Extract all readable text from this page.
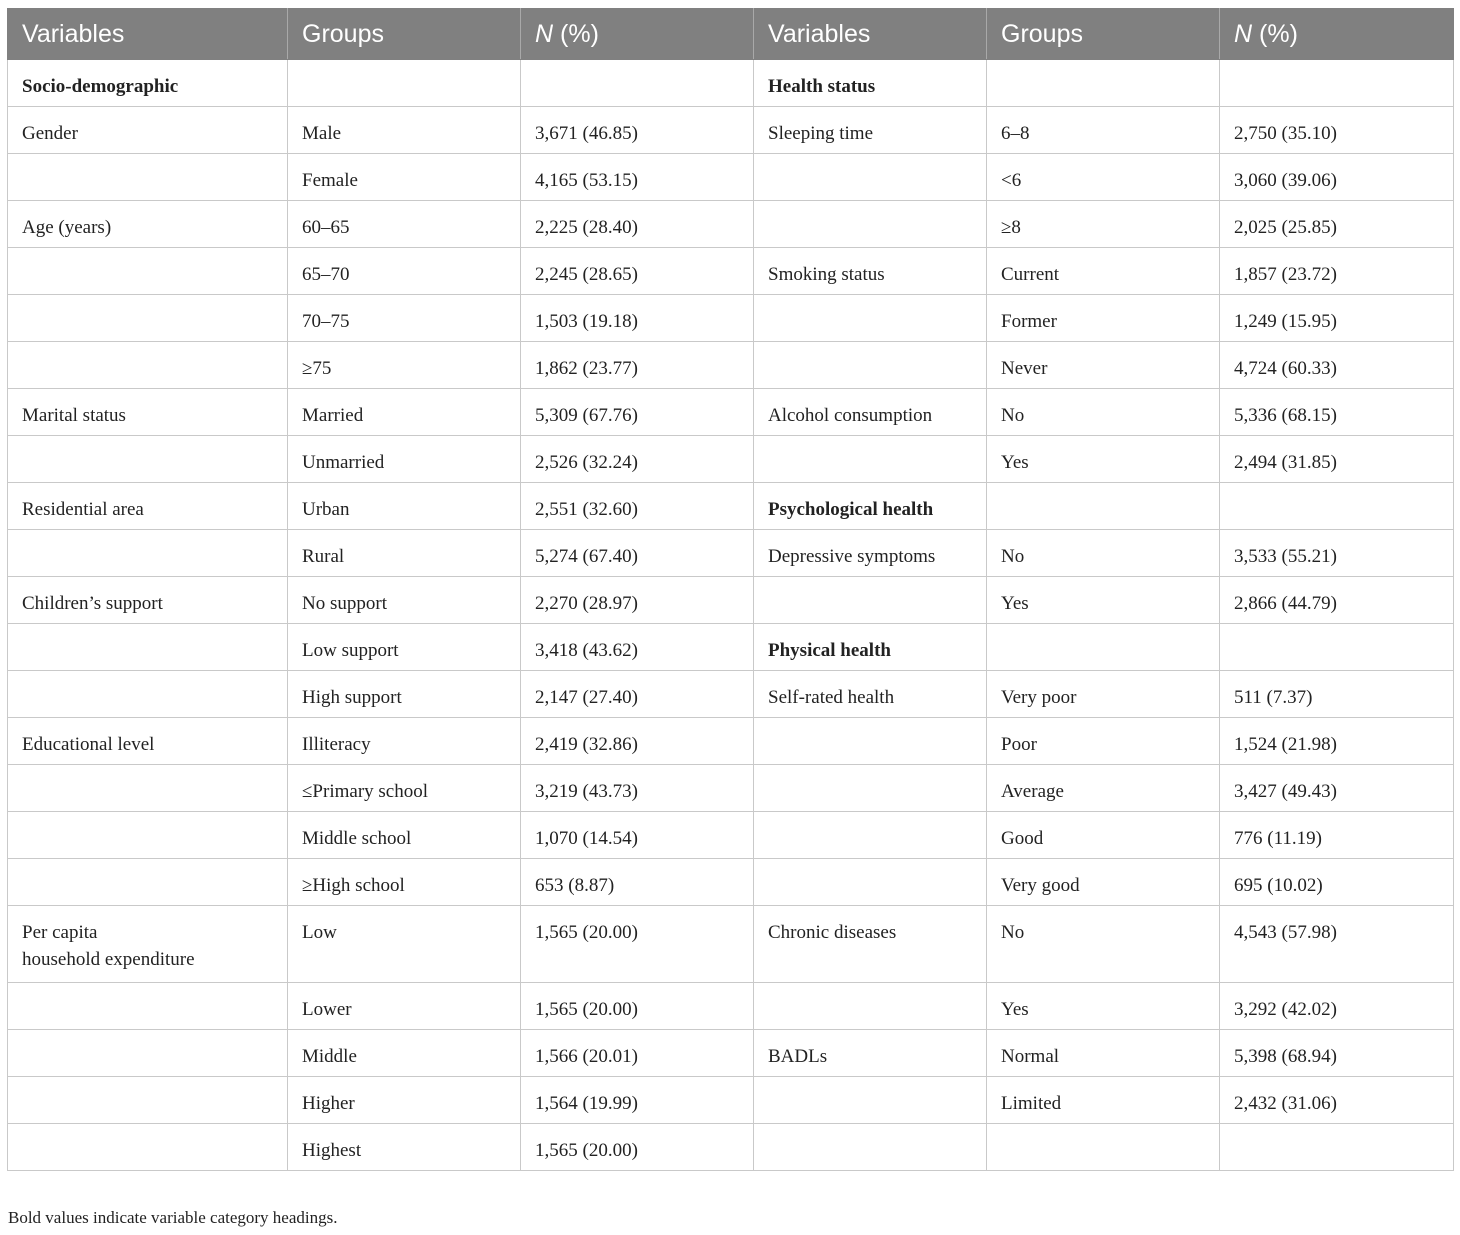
Variables	Groups	N (%)	Variables	Groups	N (%)
Socio-demographic			Health status		
Gender	Male	3,671 (46.85)	Sleeping time	6–8	2,750 (35.10)
	Female	4,165 (53.15)		<6	3,060 (39.06)
Age (years)	60–65	2,225 (28.40)		≥8	2,025 (25.85)
	65–70	2,245 (28.65)	Smoking status	Current	1,857 (23.72)
	70–75	1,503 (19.18)		Former	1,249 (15.95)
	≥75	1,862 (23.77)		Never	4,724 (60.33)
Marital status	Married	5,309 (67.76)	Alcohol consumption	No	5,336 (68.15)
	Unmarried	2,526 (32.24)		Yes	2,494 (31.85)
Residential area	Urban	2,551 (32.60)	Psychological health		
	Rural	5,274 (67.40)	Depressive symptoms	No	3,533 (55.21)
Children’s support	No support	2,270 (28.97)		Yes	2,866 (44.79)
	Low support	3,418 (43.62)	Physical health		
	High support	2,147 (27.40)	Self-rated health	Very poor	511 (7.37)
Educational level	Illiteracy	2,419 (32.86)		Poor	1,524 (21.98)
	≤Primary school	3,219 (43.73)		Average	3,427 (49.43)
	Middle school	1,070 (14.54)		Good	776 (11.19)
	≥High school	653 (8.87)		Very good	695 (10.02)
Per capita
household expenditure	Low	1,565 (20.00)	Chronic diseases	No	4,543 (57.98)
	Lower	1,565 (20.00)		Yes	3,292 (42.02)
	Middle	1,566 (20.01)	BADLs	Normal	5,398 (68.94)
	Higher	1,564 (19.99)		Limited	2,432 (31.06)
	Highest	1,565 (20.00)			
Bold values indicate variable category headings.
